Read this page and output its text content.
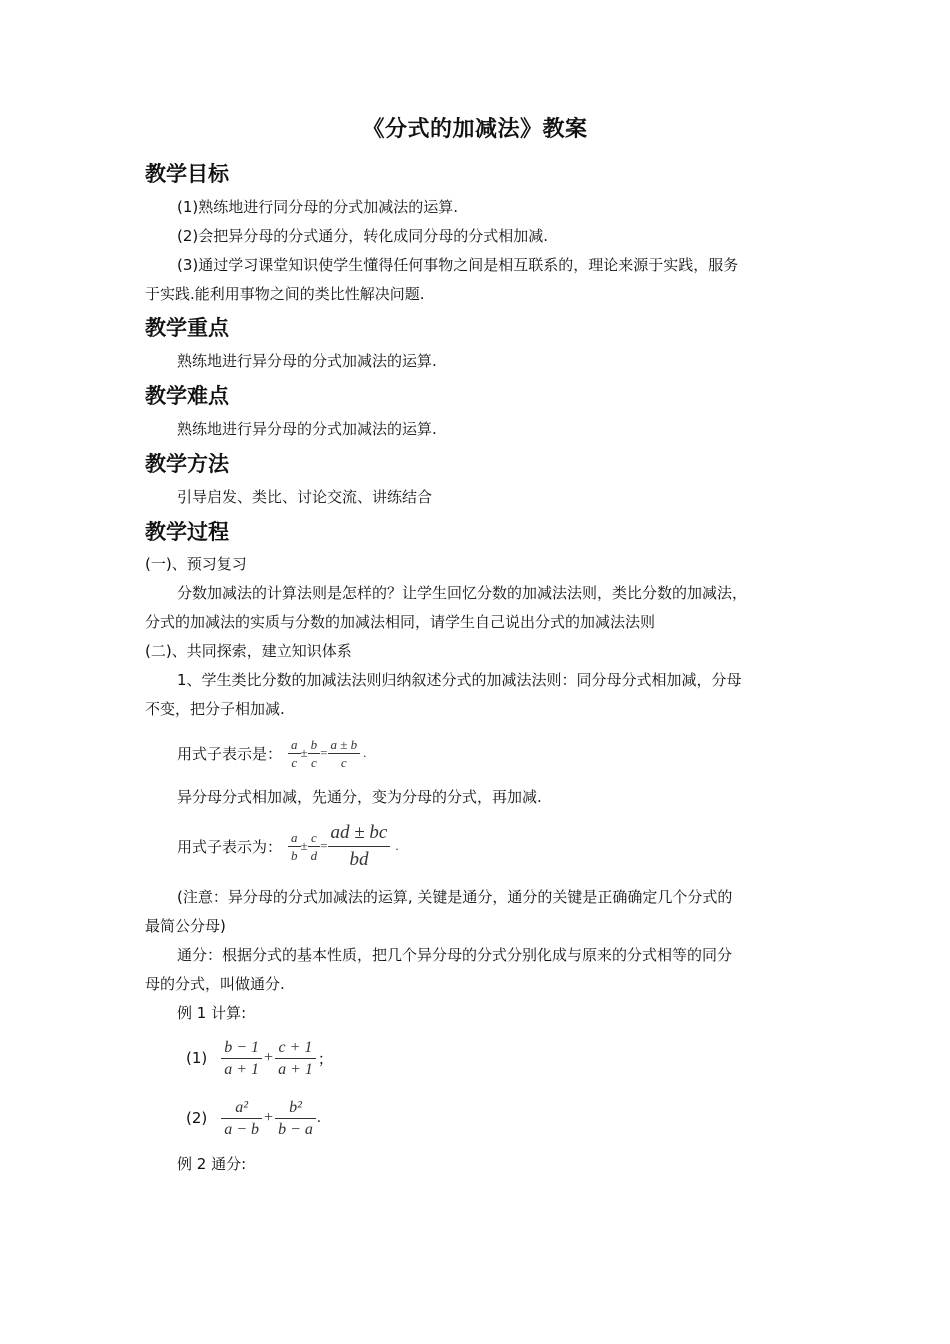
《分式的加减法》教案
教学目标
(1)熟练地进行同分母的分式加减法的运算.
(2)会把异分母的分式通分，转化成同分母的分式相加减.
(3)通过学习课堂知识使学生懂得任何事物之间是相互联系的，理论来源于实践，服务
于实践.能利用事物之间的类比性解决问题.
教学重点
熟练地进行异分母的分式加减法的运算.
教学难点
熟练地进行异分母的分式加减法的运算.
教学方法
引导启发、类比、讨论交流、讲练结合
教学过程
(一)、预习复习
分数加减法的计算法则是怎样的？让学生回忆分数的加减法法则，类比分数的加减法，
分式的加减法的实质与分数的加减法相同，请学生自己说出分式的加减法法则
(二)、共同探索，建立知识体系
1、学生类比分数的加减法法则归纳叙述分式的加减法法则：同分母分式相加减，分母
不变，把分子相加减.
用式子表示是： $\frac{a}{c} \pm \frac{b}{c} = \frac{a \pm b}{c}$ .
异分母分式相加减，先通分，变为分母的分式，再加减.
用式子表示为： $\frac{a}{b} \pm \frac{c}{d} = \frac{ad \pm bc}{bd}$ .
(注意：异分母的分式加减法的运算, 关键是通分，通分的关键是正确确定几个分式的
最简公分母)
通分：根据分式的基本性质，把几个异分母的分式分别化成与原来的分式相等的同分
母的分式，叫做通分.
例 1 计算:
$(1) \frac{b - 1}{a + 1} + \frac{c + 1}{a + 1}$ ；
$(2) \frac{\text{a²}}{a - b} + \frac{\text{b²}}{b - a}$ .
例 2 通分:
